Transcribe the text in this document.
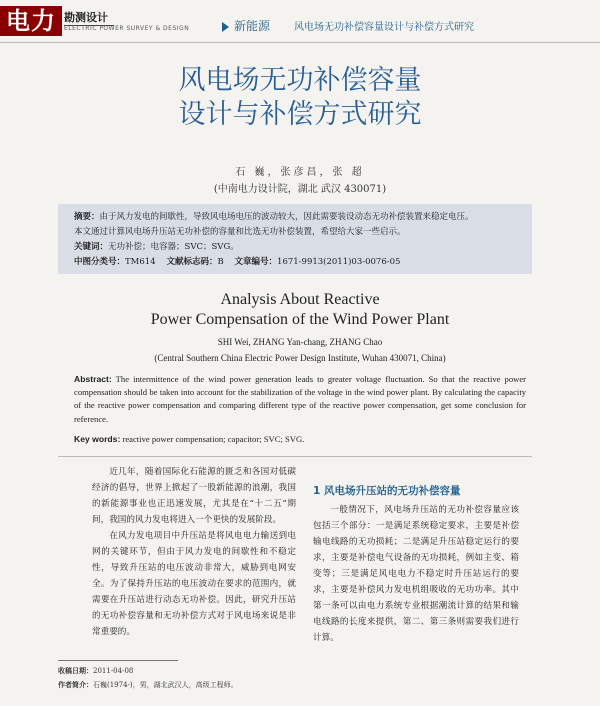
电力 勘测设计
ELECTRIC POWER SURVEY & DESIGN	新能源 风电场无功补偿容量设计与补偿方式研究
风电场无功补偿容量
设计与补偿方式研究
石 巍，张彦昌，张 超
(中南电力设计院，湖北 武汉 430071)
摘要：由于风力发电的间歇性，导致风电场电压的波动较大，因此需要装设动态无功补偿装置来稳定电压。
本文通过计算风电场升压站无功补偿的容量和比选无功补偿装置，希望给大家一些启示。
关键词：无功补偿；电容器；SVC；SVG。
中图分类号：TM614 文献标志码：B 文章编号：1671-9913(2011)03-0076-05
Analysis About Reactive
Power Compensation of the Wind Power Plant
SHI Wei, ZHANG Yan-chang, ZHANG Chao
(Central Southern China Electric Power Design Institute, Wuhan 430071, China)
Abstract: The intermittence of the wind power generation leads to greater voltage fluctuation. So that the reactive power compensation should be taken into account for the stabilization of the voltage in the wind power plant. By calculating the capacity of the reactive power compensation and comparing different type of the reactive power compensation, get some conclusion for reference.
Key words: reactive power compensation; capacitor; SVC; SVG.

近几年，随着国际化石能源的匮乏和各国对低碳经济的倡导，世界上掀起了一股新能源的浪潮，我国的新能源事业也正迅速发展，尤其是在“十二五”期间，我国的风力发电将进入一个更快的发展阶段。

在风力发电项目中升压站是将风电电力输送到电网的关键环节，但由于风力发电的间歇性和不稳定性，导致升压站的电压波动非常大，威胁到电网安全。为了保持升压站的电压波动在要求的范围内，就需要在升压站进行动态无功补偿。因此，研究升压站的无功补偿容量和无功补偿方式对于风电场来说是非常重要的。

1 风电场升压站的无功补偿容量

一般情况下，风电场升压站的无功补偿容量应该包括三个部分：一是满足系统稳定要求，主要是补偿输电线路的无功损耗；二是满足升压站稳定运行的要求，主要是补偿电气设备的无功损耗，例如主变、箱变等；三是满足风电电力不稳定时升压站运行的要求，主要是补偿风力发电机组吸收的无功功率。其中第一条可以由电力系统专业根据潮流计算的结果和输电线路的长度来提供，第二、第三条则需要我们进行计算。

收稿日期：2011-04-08
作者简介：石巍(1974-)，男，湖北武汉人，高级工程师。
